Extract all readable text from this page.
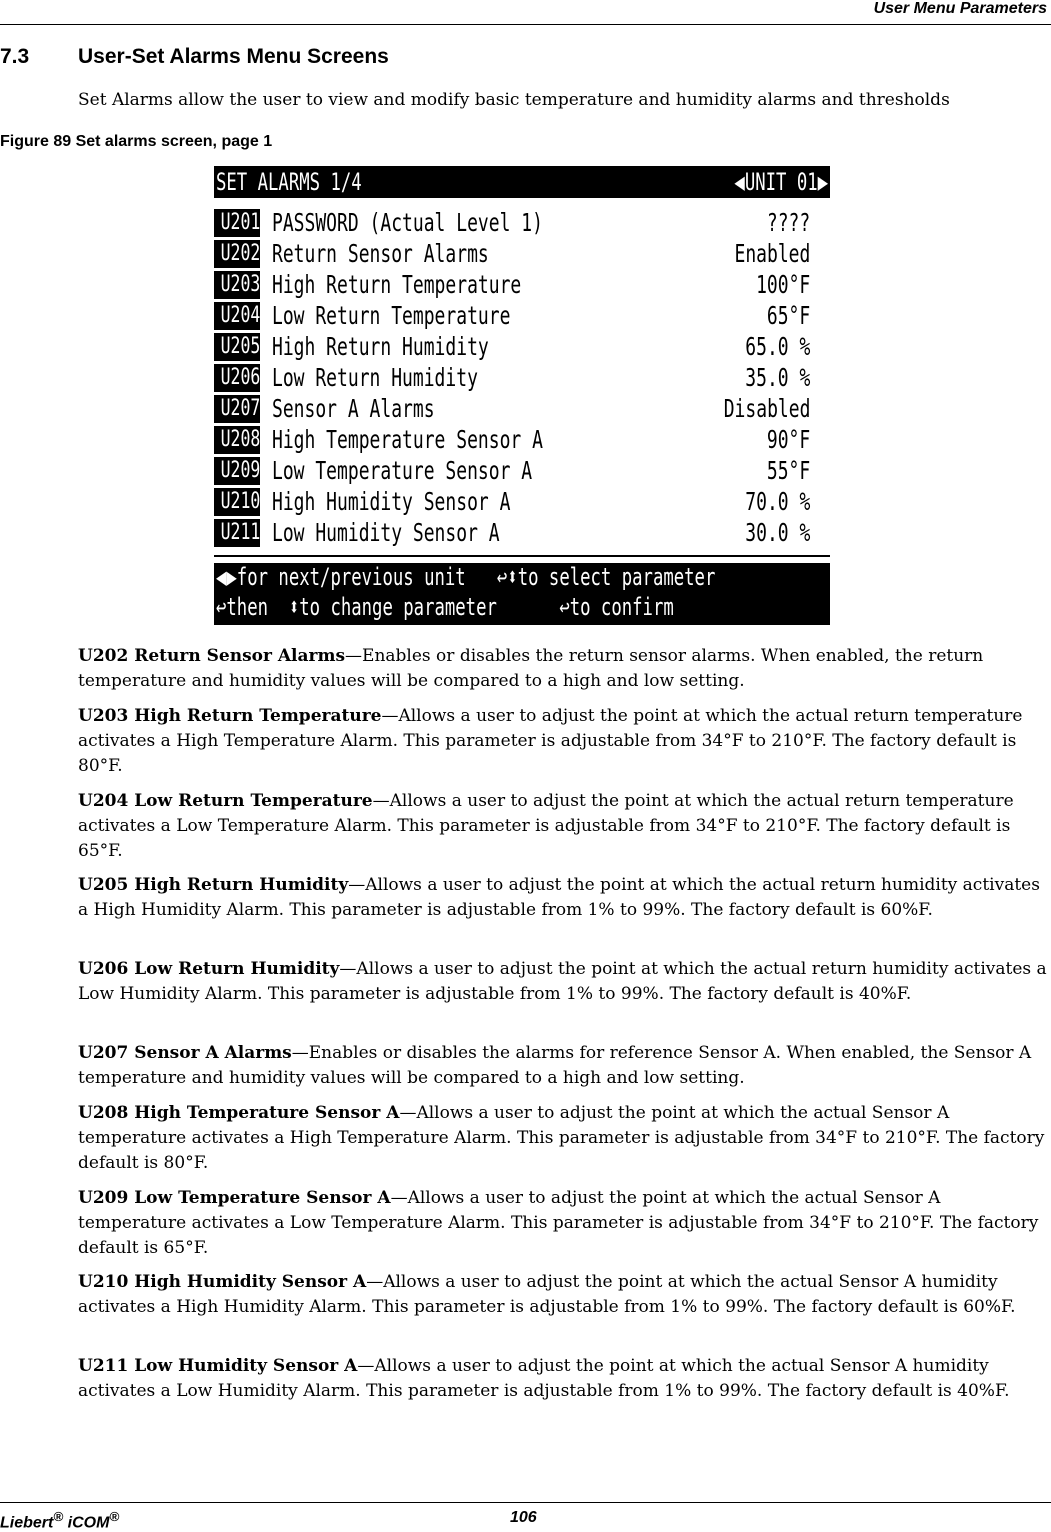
User Menu Parameters
7.3 User-Set Alarms Menu Screens
Set Alarms allow the user to view and modify basic temperature and humidity alarms and thresholds
Figure 89 Set alarms screen, page 1
SET ALARMS 1/4	◀UNIT 01▶
U201 PASSWORD (Actual Level 1)	????
U202 Return Sensor Alarms	Enabled
U203 High Return Temperature	100°F
U204 Low Return Temperature	65°F
U205 High Return Humidity	65.0 %
U206 Low Return Humidity	35.0 %
U207 Sensor A Alarms	Disabled
U208 High Temperature Sensor A	90°F
U209 Low Temperature Sensor A	55°F
U210 High Humidity Sensor A	70.0 %
U211 Low Humidity Sensor A	30.0 %
◀▶for next/previous unit   ↩⬍to select parameter
↩then  ⬍to change parameter      ↩to confirm
U202 Return Sensor Alarms—Enables or disables the return sensor alarms. When enabled, the return temperature and humidity values will be compared to a high and low setting.
U203 High Return Temperature—Allows a user to adjust the point at which the actual return temperature activates a High Temperature Alarm. This parameter is adjustable from 34°F to 210°F. The factory default is 80°F.
U204 Low Return Temperature—Allows a user to adjust the point at which the actual return temperature activates a Low Temperature Alarm. This parameter is adjustable from 34°F to 210°F. The factory default is 65°F.
U205 High Return Humidity—Allows a user to adjust the point at which the actual return humidity activates a High Humidity Alarm. This parameter is adjustable from 1% to 99%. The factory default is 60%F.
U206 Low Return Humidity—Allows a user to adjust the point at which the actual return humidity activates a Low Humidity Alarm. This parameter is adjustable from 1% to 99%. The factory default is 40%F.
U207 Sensor A Alarms—Enables or disables the alarms for reference Sensor A. When enabled, the Sensor A temperature and humidity values will be compared to a high and low setting.
U208 High Temperature Sensor A—Allows a user to adjust the point at which the actual Sensor A temperature activates a High Temperature Alarm. This parameter is adjustable from 34°F to 210°F. The factory default is 80°F.
U209 Low Temperature Sensor A—Allows a user to adjust the point at which the actual Sensor A temperature activates a Low Temperature Alarm. This parameter is adjustable from 34°F to 210°F. The factory default is 65°F.
U210 High Humidity Sensor A—Allows a user to adjust the point at which the actual Sensor A humidity activates a High Humidity Alarm. This parameter is adjustable from 1% to 99%. The factory default is 60%F.
U211 Low Humidity Sensor A—Allows a user to adjust the point at which the actual Sensor A humidity activates a Low Humidity Alarm. This parameter is adjustable from 1% to 99%. The factory default is 40%F.
Liebert® iCOM®	106
